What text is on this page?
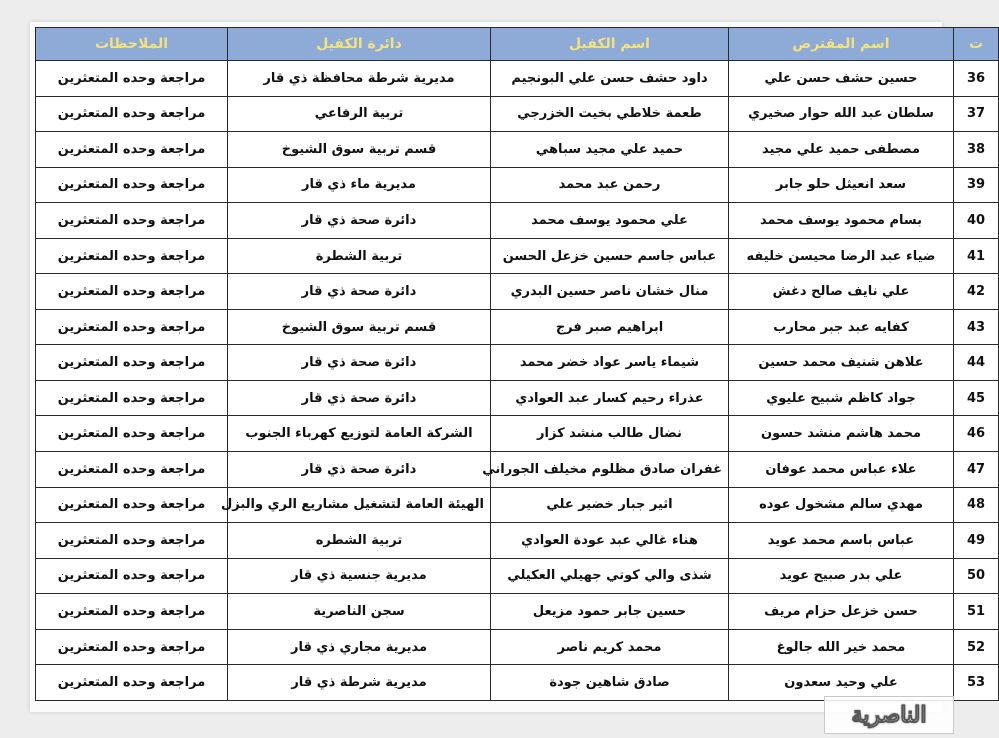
ت	اسم المقترض	اسم الكفيل	دائرة الكفيل	الملاحظات
36	حسين حشف حسن علي	داود حشف حسن علي البونجيم	مديرية شرطة محافظة ذي قار	مراجعة وحده المتعثرين
37	سلطان عبد الله حوار صخيري	طعمة خلاطي بخيت الخزرجي	تربية الرفاعي	مراجعة وحده المتعثرين
38	مصطفى حميد علي مجيد	حميد علي مجيد سباهي	قسم تربية سوق الشيوخ	مراجعة وحده المتعثرين
39	سعد انعيثل حلو جابر	رحمن عبد محمد	مديرية ماء ذي قار	مراجعة وحده المتعثرين
40	بسام محمود يوسف محمد	علي محمود يوسف محمد	دائرة صحة ذي قار	مراجعة وحده المتعثرين
41	ضياء عبد الرضا محيسن خليفه	عباس جاسم حسين خزعل الحسن	تربية الشطرة	مراجعة وحده المتعثرين
42	علي نايف صالح دغش	منال خشان ناصر حسين البدري	دائرة صحة ذي قار	مراجعة وحده المتعثرين
43	كفايه عبد جبر محارب	ابراهيم صبر فرج	قسم تربية سوق الشيوخ	مراجعة وحده المتعثرين
44	علاهن شنيف محمد حسين	شيماء ياسر عواد خضر محمد	دائرة صحة ذي قار	مراجعة وحده المتعثرين
45	جواد كاظم شبيح عليوي	عذراء رحيم كسار عبد العوادي	دائرة صحة ذي قار	مراجعة وحده المتعثرين
46	محمد هاشم منشد حسون	نضال طالب منشد كزار	الشركة العامة لتوزيع كهرباء الجنوب	مراجعة وحده المتعثرين
47	علاء عباس محمد عوفان	غفران صادق مظلوم مخيلف الجوراني	دائرة صحة ذي قار	مراجعة وحده المتعثرين
48	مهدي سالم مشخول عوده	اثير جبار خضير علي	الهيئة العامة لتشغيل مشاريع الري والبزل	مراجعة وحده المتعثرين
49	عباس باسم محمد عويد	هناء غالي عبد عودة العوادي	تربية الشطره	مراجعة وحده المتعثرين
50	علي بدر صبيح عويد	شذى والي كوتي جهيلي العكيلي	مديرية جنسية ذي قار	مراجعة وحده المتعثرين
51	حسن خزعل حزام مريف	حسين جابر حمود مزيعل	سجن الناصرية	مراجعة وحده المتعثرين
52	محمد خير الله جالوغ	محمد كريم ناصر	مديرية مجاري ذي قار	مراجعة وحده المتعثرين
53	علي وحيد سعدون	صادق شاهين جودة	مديرية شرطة ذي قار	مراجعة وحده المتعثرين
الناصرية
